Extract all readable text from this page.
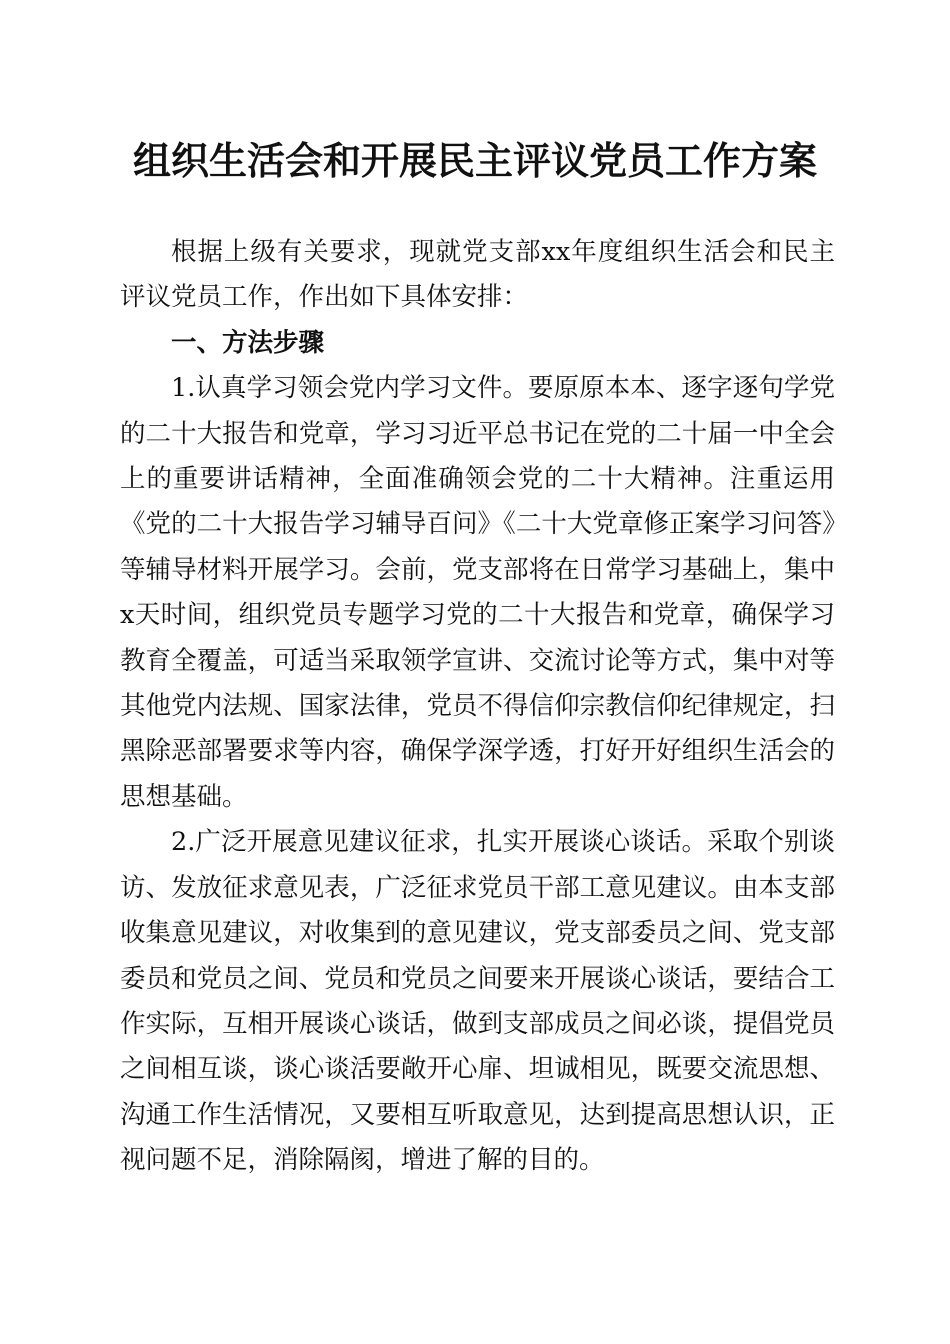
组织生活会和开展民主评议党员工作方案

根据上级有关要求，现就党支部xx年度组织生活会和民主评议党员工作，作出如下具体安排：

一、方法步骤

1.认真学习领会党内学习文件。要原原本本、逐字逐句学党的二十大报告和党章，学习习近平总书记在党的二十届一中全会上的重要讲话精神，全面准确领会党的二十大精神。注重运用《党的二十大报告学习辅导百问》《二十大党章修正案学习问答》等辅导材料开展学习。会前，党支部将在日常学习基础上，集中x天时间，组织党员专题学习党的二十大报告和党章，确保学习教育全覆盖，可适当采取领学宣讲、交流讨论等方式，集中对等其他党内法规、国家法律，党员不得信仰宗教信仰纪律规定，扫黑除恶部署要求等内容，确保学深学透，打好开好组织生活会的思想基础。

2.广泛开展意见建议征求，扎实开展谈心谈话。采取个别谈访、发放征求意见表，广泛征求党员干部工意见建议。由本支部收集意见建议，对收集到的意见建议，党支部委员之间、党支部委员和党员之间、党员和党员之间要来开展谈心谈话，要结合工作实际，互相开展谈心谈话，做到支部成员之间必谈，提倡党员之间相互谈，谈心谈活要敞开心扉、坦诚相见，既要交流思想、沟通工作生活情况，又要相互听取意见，达到提高思想认识，正视问题不足，消除隔阂，增进了解的目的。
